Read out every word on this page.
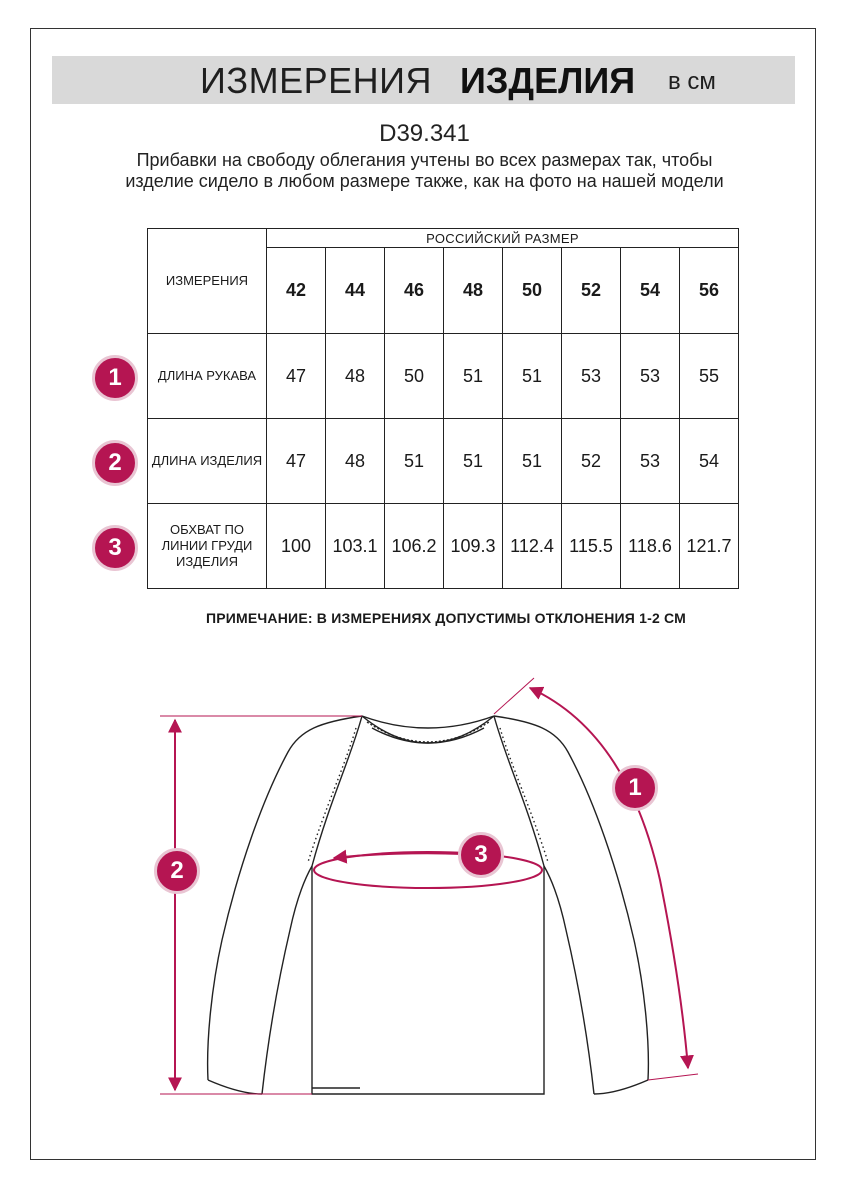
ИЗМЕРЕНИЯ ИЗДЕЛИЯ в см
D39.341
Прибавки на свободу облегания учтены во всех размерах так, чтобы изделие сидело в любом размере также, как на фото на нашей модели
ИЗМЕРЕНИЯ	РОССИЙСКИЙ РАЗМЕР							
	42	44	46	48	50	52	54	56
ДЛИНА РУКАВА	47	48	50	51	51	53	53	55
ДЛИНА ИЗДЕЛИЯ	47	48	51	51	51	52	53	54
ОБХВАТ ПО ЛИНИИ ГРУДИ ИЗДЕЛИЯ	100	103.1	106.2	109.3	112.4	115.5	118.6	121.7
1
2
3
ПРИМЕЧАНИЕ: В ИЗМЕРЕНИЯХ ДОПУСТИМЫ ОТКЛОНЕНИЯ 1-2 СМ
1
2
3
